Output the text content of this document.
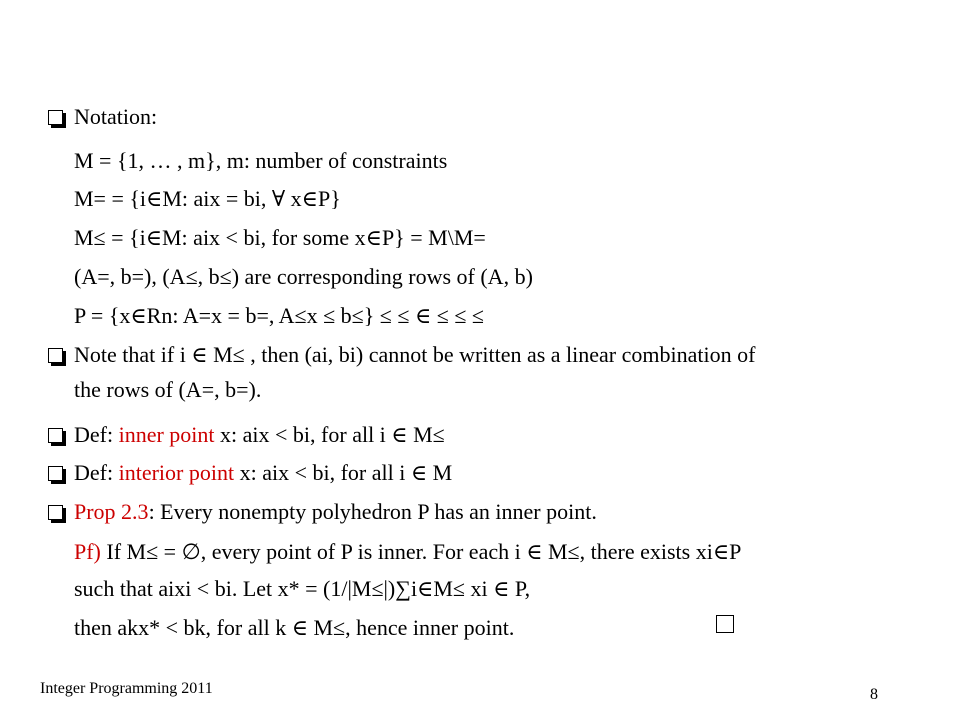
Notation:
M = {1, … , m}, m: number of constraints
M= = {i∈M: aix = bi, ∀ x∈P}
M≤ = {i∈M: aix < bi, for some x∈P} = M\M=
(A=, b=), (A≤, b≤) are corresponding rows of (A, b)
P = {x∈Rn: A=x = b=, A≤x ≤ b≤} ≤ ≤ ∈ ≤ ≤ ≤
Note that if i ∈ M≤ , then (ai, bi) cannot be written as a linear combination of
the rows of (A=, b=).
Def: inner point x: aix < bi, for all i ∈ M≤
Def: interior point x: aix < bi, for all i ∈ M
Prop 2.3: Every nonempty polyhedron P has an inner point.
Pf) If M≤ = ∅, every point of P is inner. For each i ∈ M≤, there exists xi∈P
such that aixi < bi. Let x* = (1/|M≤|)∑i∈M≤ xi ∈ P,
then akx* < bk, for all k ∈ M≤, hence inner point.
Integer Programming 2011	8
